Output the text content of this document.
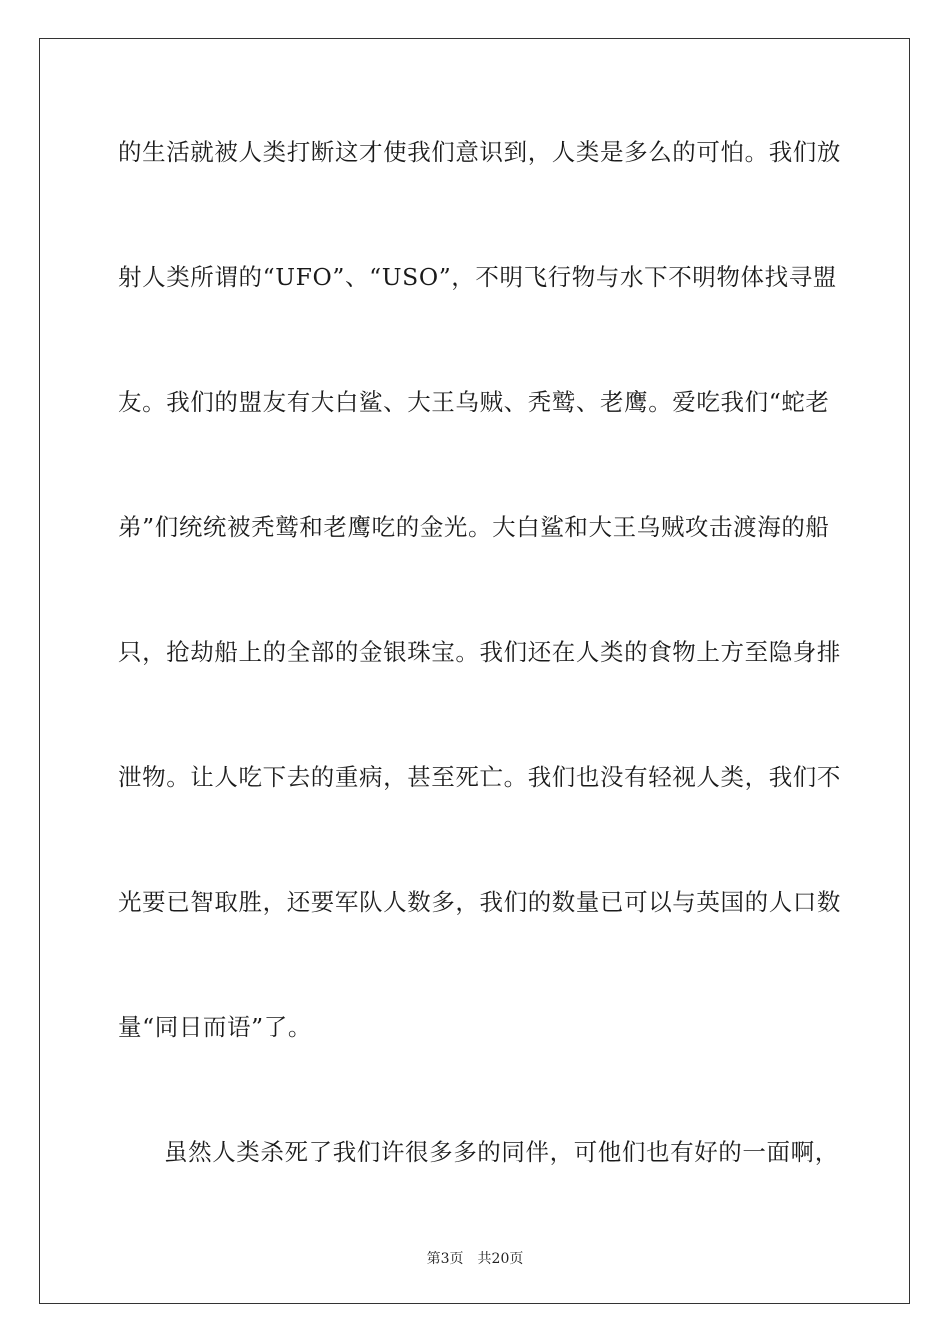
的生活就被人类打断这才使我们意识到，人类是多么的可怕。我们放
射人类所谓的“UFO”、“USO”，不明飞行物与水下不明物体找寻盟
友。我们的盟友有大白鲨、大王乌贼、秃鹫、老鹰。爱吃我们“蛇老
弟”们统统被秃鹫和老鹰吃的金光。大白鲨和大王乌贼攻击渡海的船
只，抢劫船上的全部的金银珠宝。我们还在人类的食物上方至隐身排
泄物。让人吃下去的重病，甚至死亡。我们也没有轻视人类，我们不
光要已智取胜，还要军队人数多，我们的数量已可以与英国的人口数
量“同日而语”了。
虽然人类杀死了我们许很多多的同伴，可他们也有好的一面啊，
第3页 共20页
